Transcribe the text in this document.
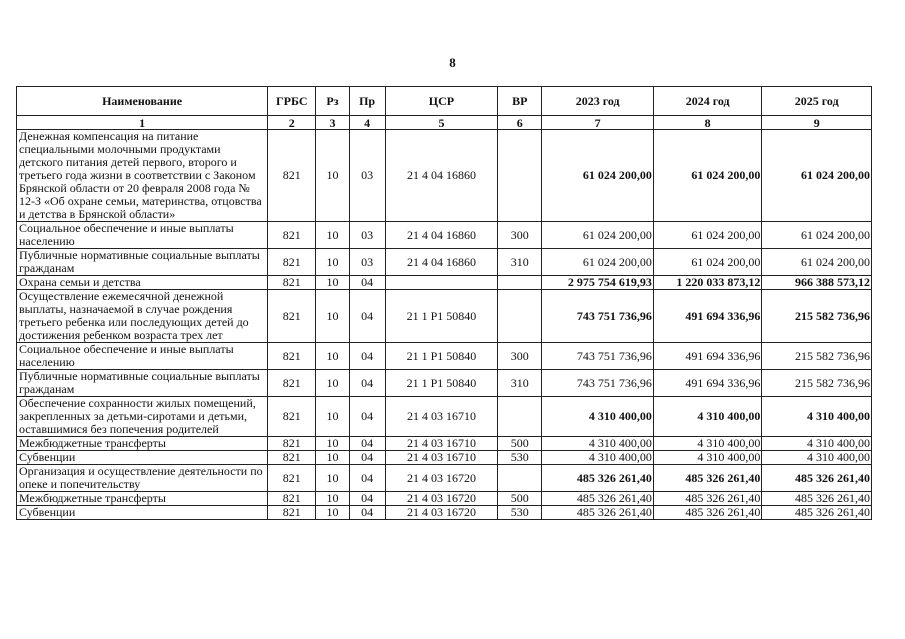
8
Наименование	ГРБС	Рз	Пр	ЦСР	ВР	2023 год	2024 год	2025 год
1	2	3	4	5	6	7	8	9
Денежная компенсация на питание специальными молочными продуктами детского питания детей первого, второго и третьего года жизни в соответствии с Законом Брянской области от 20 февраля 2008 года № 12-З «Об охране семьи, материнства, отцовства и детства в Брянской области»	821	10	03	21 4 04 16860		61 024 200,00	61 024 200,00	61 024 200,00
Социальное обеспечение и иные выплаты населению	821	10	03	21 4 04 16860	300	61 024 200,00	61 024 200,00	61 024 200,00
Публичные нормативные социальные выплаты гражданам	821	10	03	21 4 04 16860	310	61 024 200,00	61 024 200,00	61 024 200,00
Охрана семьи и детства	821	10	04			2 975 754 619,93	1 220 033 873,12	966 388 573,12
Осуществление ежемесячной денежной выплаты, назначаемой в случае рождения третьего ребенка или последующих детей до достижения ребенком возраста трех лет	821	10	04	21 1 Р1 50840		743 751 736,96	491 694 336,96	215 582 736,96
Социальное обеспечение и иные выплаты населению	821	10	04	21 1 Р1 50840	300	743 751 736,96	491 694 336,96	215 582 736,96
Публичные нормативные социальные выплаты гражданам	821	10	04	21 1 Р1 50840	310	743 751 736,96	491 694 336,96	215 582 736,96
Обеспечение сохранности жилых помещений, закрепленных за детьми-сиротами и детьми, оставшимися без попечения родителей	821	10	04	21 4 03 16710		4 310 400,00	4 310 400,00	4 310 400,00
Межбюджетные трансферты	821	10	04	21 4 03 16710	500	4 310 400,00	4 310 400,00	4 310 400,00
Субвенции	821	10	04	21 4 03 16710	530	4 310 400,00	4 310 400,00	4 310 400,00
Организация и осуществление деятельности по опеке и попечительству	821	10	04	21 4 03 16720		485 326 261,40	485 326 261,40	485 326 261,40
Межбюджетные трансферты	821	10	04	21 4 03 16720	500	485 326 261,40	485 326 261,40	485 326 261,40
Субвенции	821	10	04	21 4 03 16720	530	485 326 261,40	485 326 261,40	485 326 261,40
